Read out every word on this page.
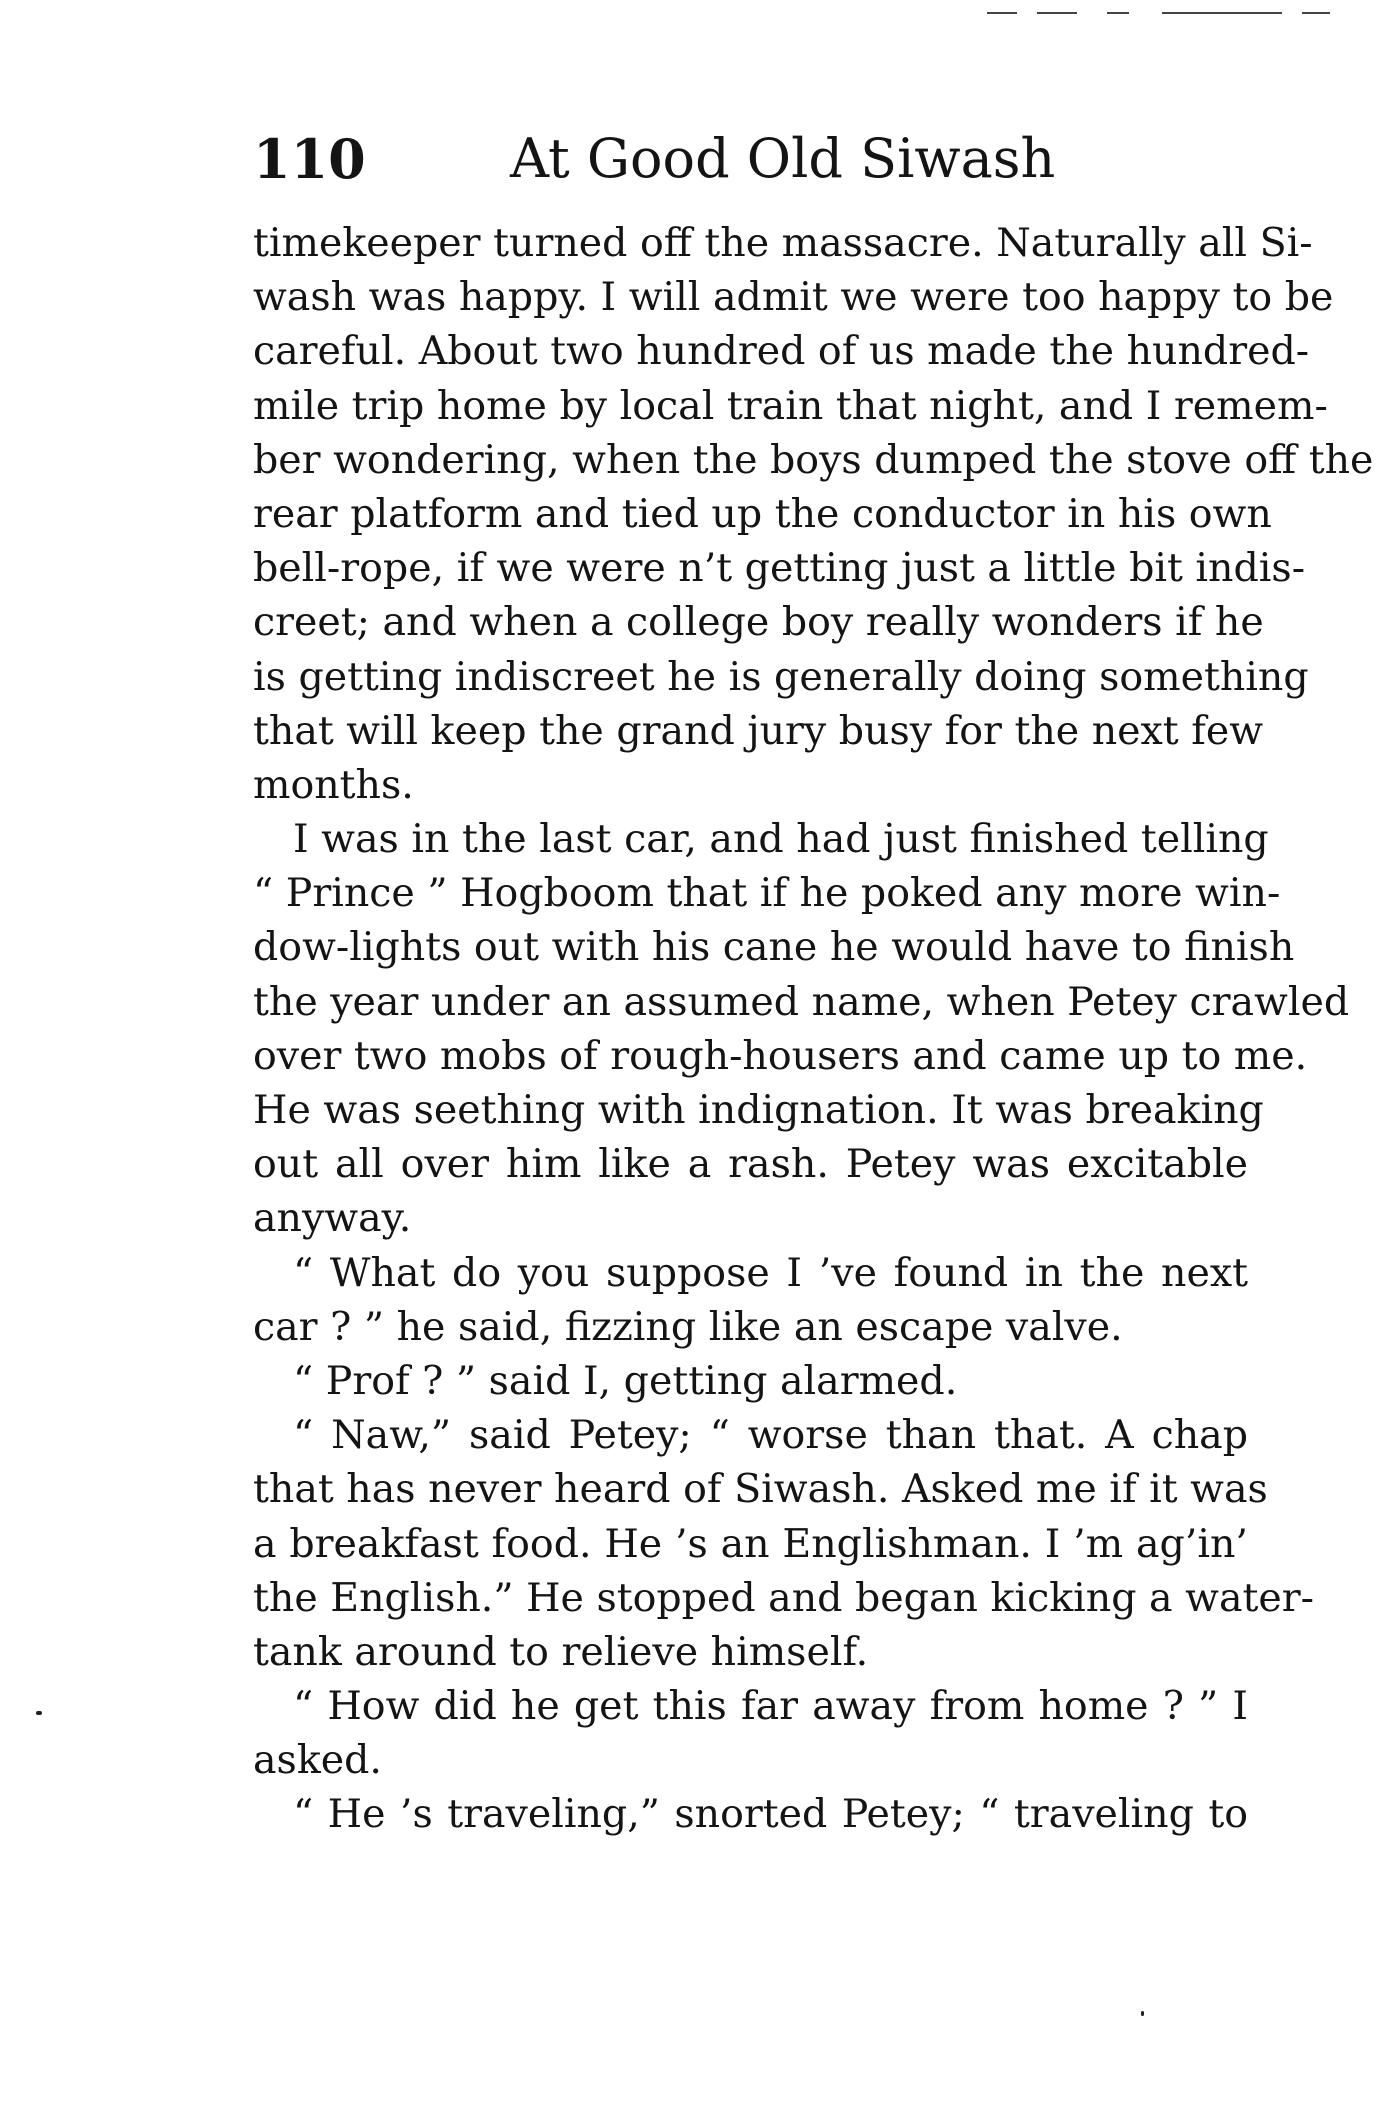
110	At Good Old Siwash
timekeeper turned off the massacre. Naturally all Si-
wash was happy. I will admit we were too happy to be
careful. About two hundred of us made the hundred-
mile trip home by local train that night, and I remem-
ber wondering, when the boys dumped the stove off the
rear platform and tied up the conductor in his own
bell-rope, if we were n’t getting just a little bit indis-
creet; and when a college boy really wonders if he
is getting indiscreet he is generally doing something
that will keep the grand jury busy for the next few
months.
I was in the last car, and had just finished telling
“ Prince ” Hogboom that if he poked any more win-
dow-lights out with his cane he would have to finish
the year under an assumed name, when Petey crawled
over two mobs of rough-housers and came up to me.
He was seething with indignation. It was breaking
out all over him like a rash. Petey was excitable
anyway.
“ What do you suppose I ’ve found in the next
car ? ” he said, fizzing like an escape valve.
“ Prof ? ” said I, getting alarmed.
“ Naw,” said Petey; “ worse than that. A chap
that has never heard of Siwash. Asked me if it was
a breakfast food. He ’s an Englishman. I ’m ag’in’
the English.” He stopped and began kicking a water-
tank around to relieve himself.
“ How did he get this far away from home ? ” I
asked.
“ He ’s traveling,” snorted Petey; “ traveling to
